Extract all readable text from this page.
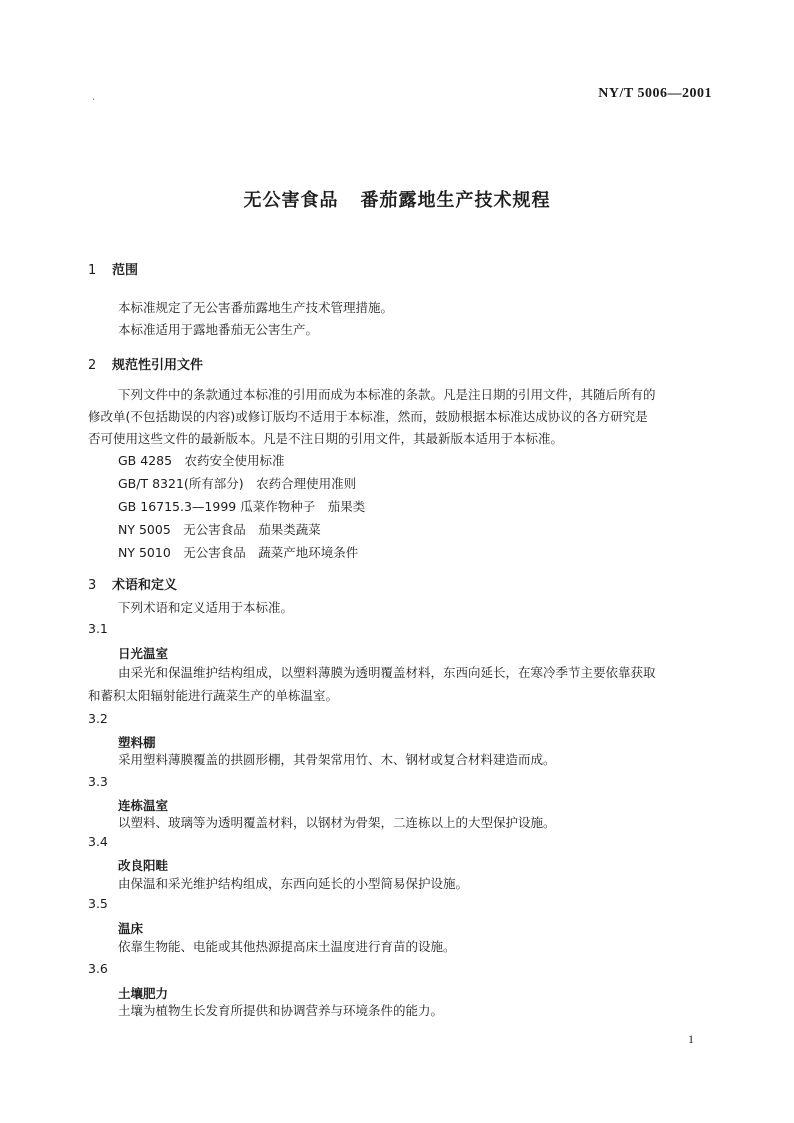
.	NY/T 5006—2001
无公害食品 番茄露地生产技术规程
1 范围
本标准规定了无公害番茄露地生产技术管理措施。
本标准适用于露地番茄无公害生产。
2 规范性引用文件
下列文件中的条款通过本标准的引用而成为本标准的条款。凡是注日期的引用文件，其随后所有的
修改单(不包括勘误的内容)或修订版均不适用于本标准，然而，鼓励根据本标准达成协议的各方研究是
否可使用这些文件的最新版本。凡是不注日期的引用文件，其最新版本适用于本标准。
GB 4285　农药安全使用标准
GB/T 8321(所有部分)　农药合理使用准则
GB 16715.3—1999 瓜菜作物种子　茄果类
NY 5005　无公害食品　茄果类蔬菜
NY 5010　无公害食品　蔬菜产地环境条件
3 术语和定义
下列术语和定义适用于本标准。
3.1
日光温室
由采光和保温维护结构组成，以塑料薄膜为透明覆盖材料，东西向延长，在寒冷季节主要依靠获取
和蓄积太阳辐射能进行蔬菜生产的单栋温室。
3.2
塑料棚
采用塑料薄膜覆盖的拱圆形棚，其骨架常用竹、木、钢材或复合材料建造而成。
3.3
连栋温室
以塑料、玻璃等为透明覆盖材料，以钢材为骨架，二连栋以上的大型保护设施。
3.4
改良阳畦
由保温和采光维护结构组成，东西向延长的小型简易保护设施。
3.5
温床
依靠生物能、电能或其他热源提高床土温度进行育苗的设施。
3.6
土壤肥力
土壤为植物生长发育所提供和协调营养与环境条件的能力。
1
